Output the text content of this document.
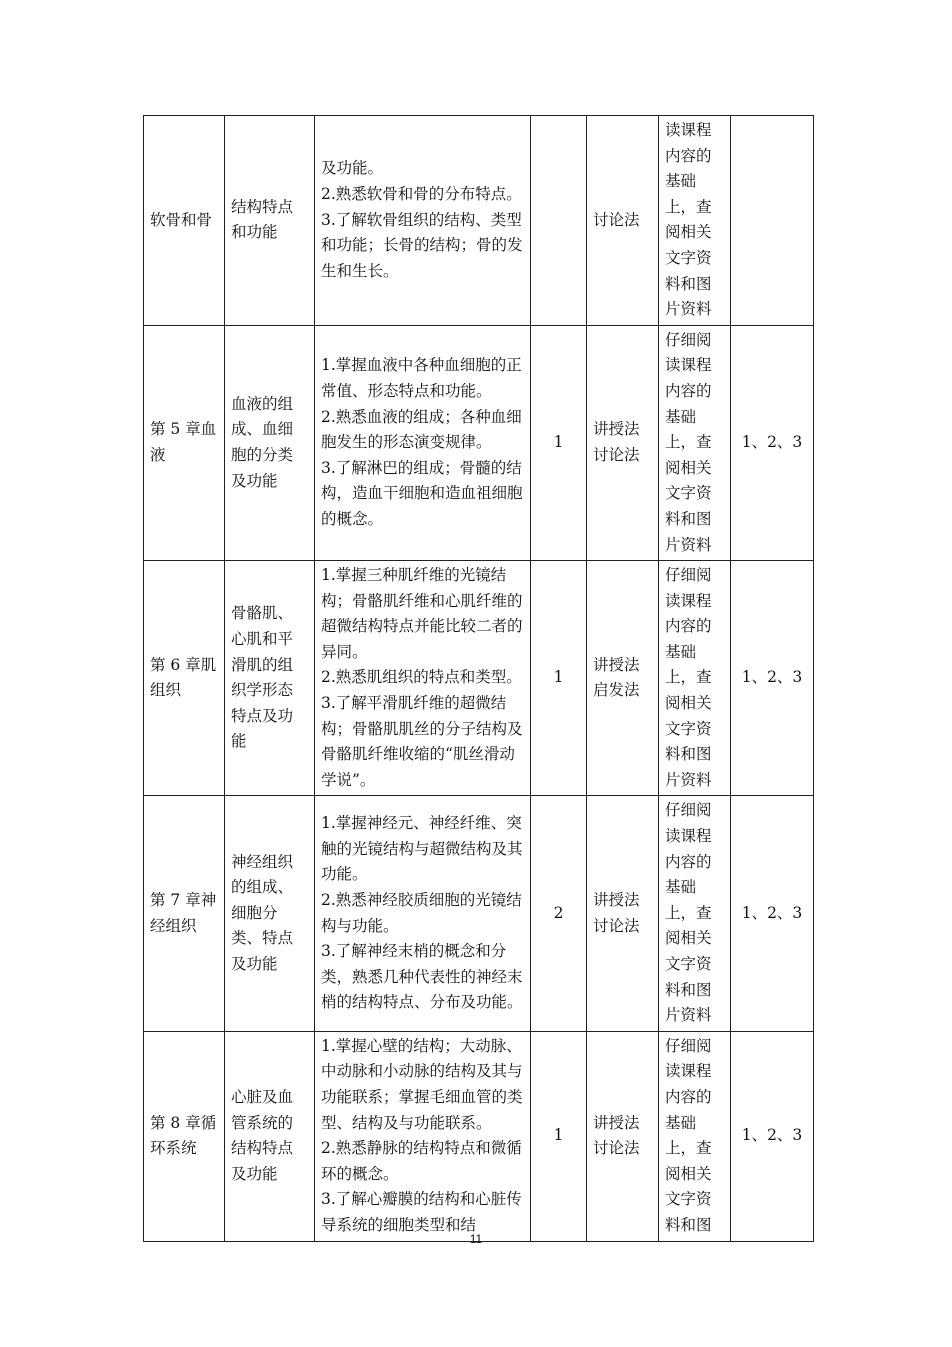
软骨和骨	结构特点和功能	及功能。
2.熟悉软骨和骨的分布特点。
3.了解软骨组织的结构、类型和功能；长骨的结构；骨的发生和生长。		讨论法	读课程内容的基础上，查阅相关文字资料和图片资料	
第 5 章血液	血液的组成、血细胞的分类及功能	1.掌握血液中各种血细胞的正常值、形态特点和功能。
2.熟悉血液的组成；各种血细胞发生的形态演变规律。
3.了解淋巴的组成；骨髓的结构，造血干细胞和造血祖细胞的概念。	1	讲授法讨论法	仔细阅读课程内容的基础上，查阅相关文字资料和图片资料	1、2、3
第 6 章肌组织	骨骼肌、心肌和平滑肌的组织学形态特点及功能	1.掌握三种肌纤维的光镜结构；骨骼肌纤维和心肌纤维的超微结构特点并能比较二者的异同。
2.熟悉肌组织的特点和类型。
3.了解平滑肌纤维的超微结构；骨骼肌肌丝的分子结构及骨骼肌纤维收缩的“肌丝滑动学说”。	1	讲授法启发法	仔细阅读课程内容的基础上，查阅相关文字资料和图片资料	1、2、3
第 7 章神经组织	神经组织的组成、细胞分类、特点及功能	1.掌握神经元、神经纤维、突触的光镜结构与超微结构及其功能。
2.熟悉神经胶质细胞的光镜结构与功能。
3.了解神经末梢的概念和分类，熟悉几种代表性的神经末梢的结构特点、分布及功能。	2	讲授法讨论法	仔细阅读课程内容的基础上，查阅相关文字资料和图片资料	1、2、3
第 8 章循环系统	心脏及血管系统的结构特点及功能	1.掌握心壁的结构；大动脉、中动脉和小动脉的结构及其与功能联系；掌握毛细血管的类型、结构及与功能联系。
2.熟悉静脉的结构特点和微循环的概念。
3.了解心瓣膜的结构和心脏传导系统的细胞类型和结	1	讲授法讨论法	仔细阅读课程内容的基础上，查阅相关文字资料和图	1、2、3
11
